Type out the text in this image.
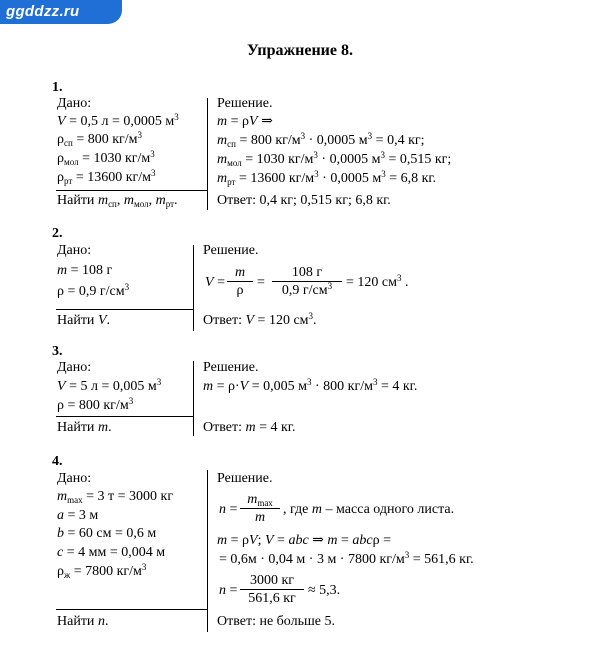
ggddzz.ru
Упражнение 8.
1.
Дано:
V = 0,5 л = 0,0005 $м^3$
$\rho_{сп} = 800$ $кг/м^3$
$\rho_{мол} = 1030$ $кг/м^3$
$\rho_{рт} = 13600$ $кг/м^3$
Найти $m_{сп}$, $m_{мол}$, $m_{рт}$.
Решение.
m = ρV ⇒
$m_{сп} = 800$ $кг/м^3 \cdot 0,0005$ $м^3 = 0,4$ кг;
$m_{мол} = 1030$ $кг/м^3 \cdot 0,0005$ $м^3 = 0,515$ кг;
$m_{рт} = 13600$ $кг/м^3 \cdot 0,0005$ $м^3 = 6,8$ кг.
Ответ: 0,4 кг; 0,515 кг; 6,8 кг.
2.
Дано:
m = 108 г
ρ = 0,9 $г/см^3$
Найти V.
Решение.
$V = \frac{m}{\rho}$ =
108 г
0,9 $г/см^3 = 120$ $см^3$ .
Ответ: V = 120 $см^3$.
3.
Дано:
V = 5 л = 0,005 $м^3$
ρ = 800 $кг/м^3$
Найти m.
Решение.
m = ρ·V = 0,005 $м^3 \cdot 800$ $кг/м^3 = 4$ кг.
Ответ: m = 4 кг.
4.
Дано:
$m_{max} = 3$ т = 3000 кг
a = 3 м
b = 60 см = 0,6 м
c = 4 мм = 0,004 м
$\rho_ж = 7800$ $кг/м^3$
Найти n.
Решение.
n =
$m_{max}$
m
, где m – масса одного листа.
m = ρV; V = abc ⇒ m = abcρ =
= 0,6м · 0,04 м · 3 м · 7800 $кг/м^3 = 561,6$ кг.
n =
3000 кг
561,6 кг
≈ 5,3.
Ответ: не больше 5.
